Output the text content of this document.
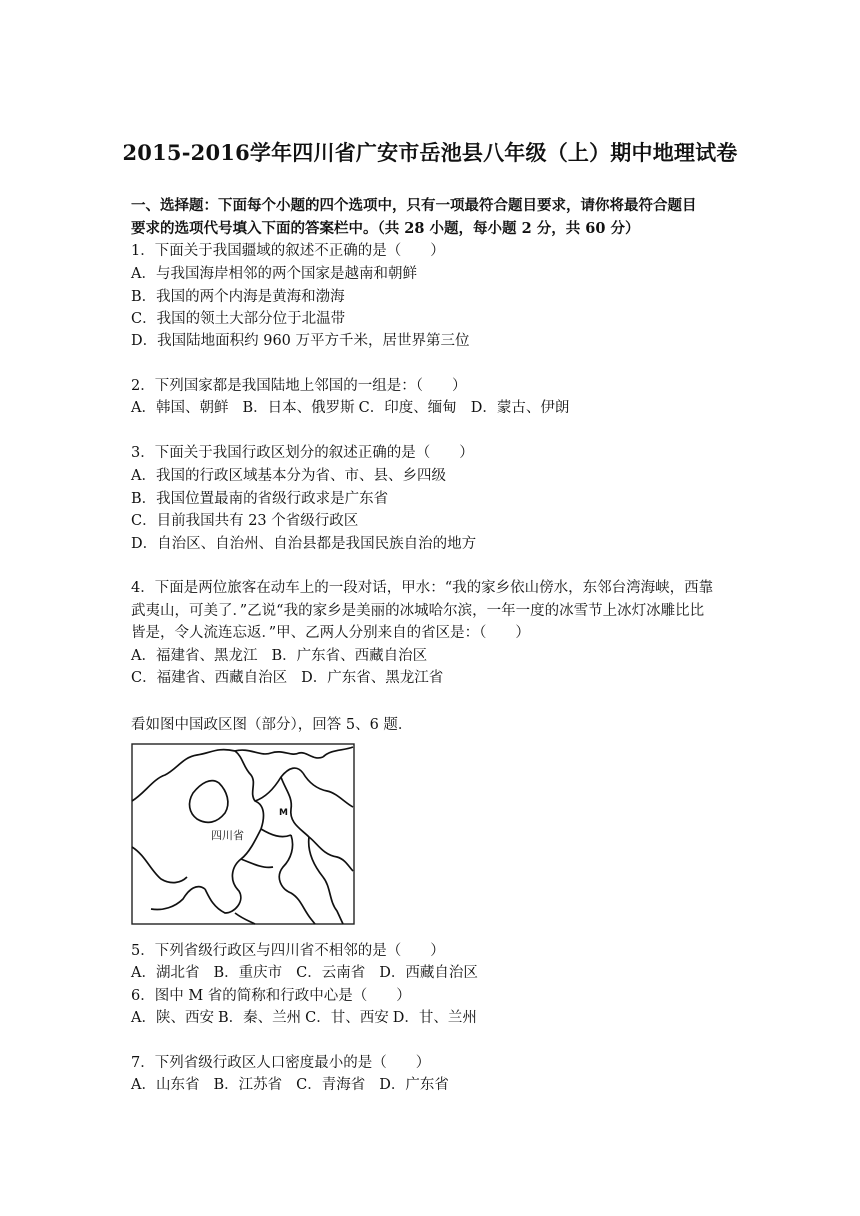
2015-2016学年四川省广安市岳池县八年级（上）期中地理试卷
一、选择题：下面每个小题的四个选项中，只有一项最符合题目要求，请你将最符合题目
要求的选项代号填入下面的答案栏中。（共 28 小题，每小题 2 分，共 60 分）
1．下面关于我国疆域的叙述不正确的是（　　）
A．与我国海岸相邻的两个国家是越南和朝鲜
B．我国的两个内海是黄海和渤海
C．我国的领土大部分位于北温带
D．我国陆地面积约 960 万平方千米，居世界第三位
2．下列国家都是我国陆地上邻国的一组是：（　　）
A．韩国、朝鲜 B．日本、俄罗斯 C．印度、缅甸 D．蒙古、伊朗
3．下面关于我国行政区划分的叙述正确的是（　　）
A．我国的行政区域基本分为省、市、县、乡四级
B．我国位置最南的省级行政求是广东省
C．目前我国共有 23 个省级行政区
D．自治区、自治州、自治县都是我国民族自治的地方
4．下面是两位旅客在动车上的一段对话，甲水：“我的家乡依山傍水，东邻台湾海峡，西靠
武夷山，可美了．”乙说“我的家乡是美丽的冰城哈尔滨，一年一度的冰雪节上冰灯冰雕比比
皆是，令人流连忘返．”甲、乙两人分别来自的省区是：（　　）
A．福建省、黑龙江 B．广东省、西藏自治区
C．福建省、西藏自治区 D．广东省、黑龙江省
看如图中国政区图（部分），回答 5、6 题．
M
四川省
5．下列省级行政区与四川省不相邻的是（　　）
A．湖北省 B．重庆市 C．云南省 D．西藏自治区
6．图中 M 省的简称和行政中心是（　　）
A．陕、西安 B．秦、兰州 C．甘、西安 D．甘、兰州
7．下列省级行政区人口密度最小的是（　　）
A．山东省 B．江苏省 C．青海省 D．广东省
